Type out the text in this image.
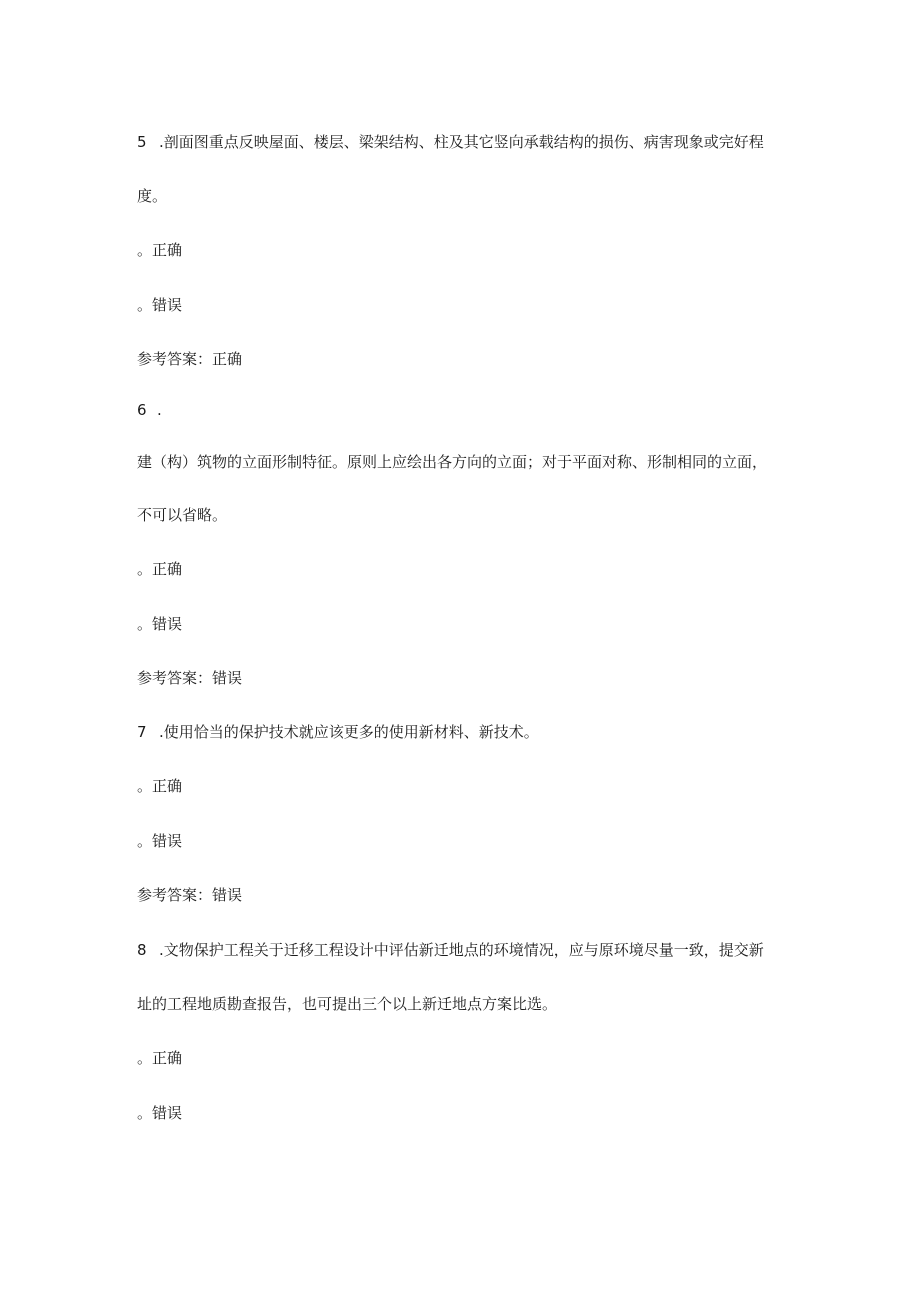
5 .剖面图重点反映屋面、楼层、梁架结构、柱及其它竖向承载结构的损伤、病害现象或完好程
度。
。正确
。错误
参考答案：正确
6 .
建（构）筑物的立面形制特征。原则上应绘出各方向的立面；对于平面对称、形制相同的立面，
不可以省略。
。正确
。错误
参考答案：错误
7 .使用恰当的保护技术就应该更多的使用新材料、新技术。
。正确
。错误
参考答案：错误
8 .文物保护工程关于迁移工程设计中评估新迁地点的环境情况，应与原环境尽量一致，提交新
址的工程地质勘查报告，也可提出三个以上新迁地点方案比选。
。正确
。错误
